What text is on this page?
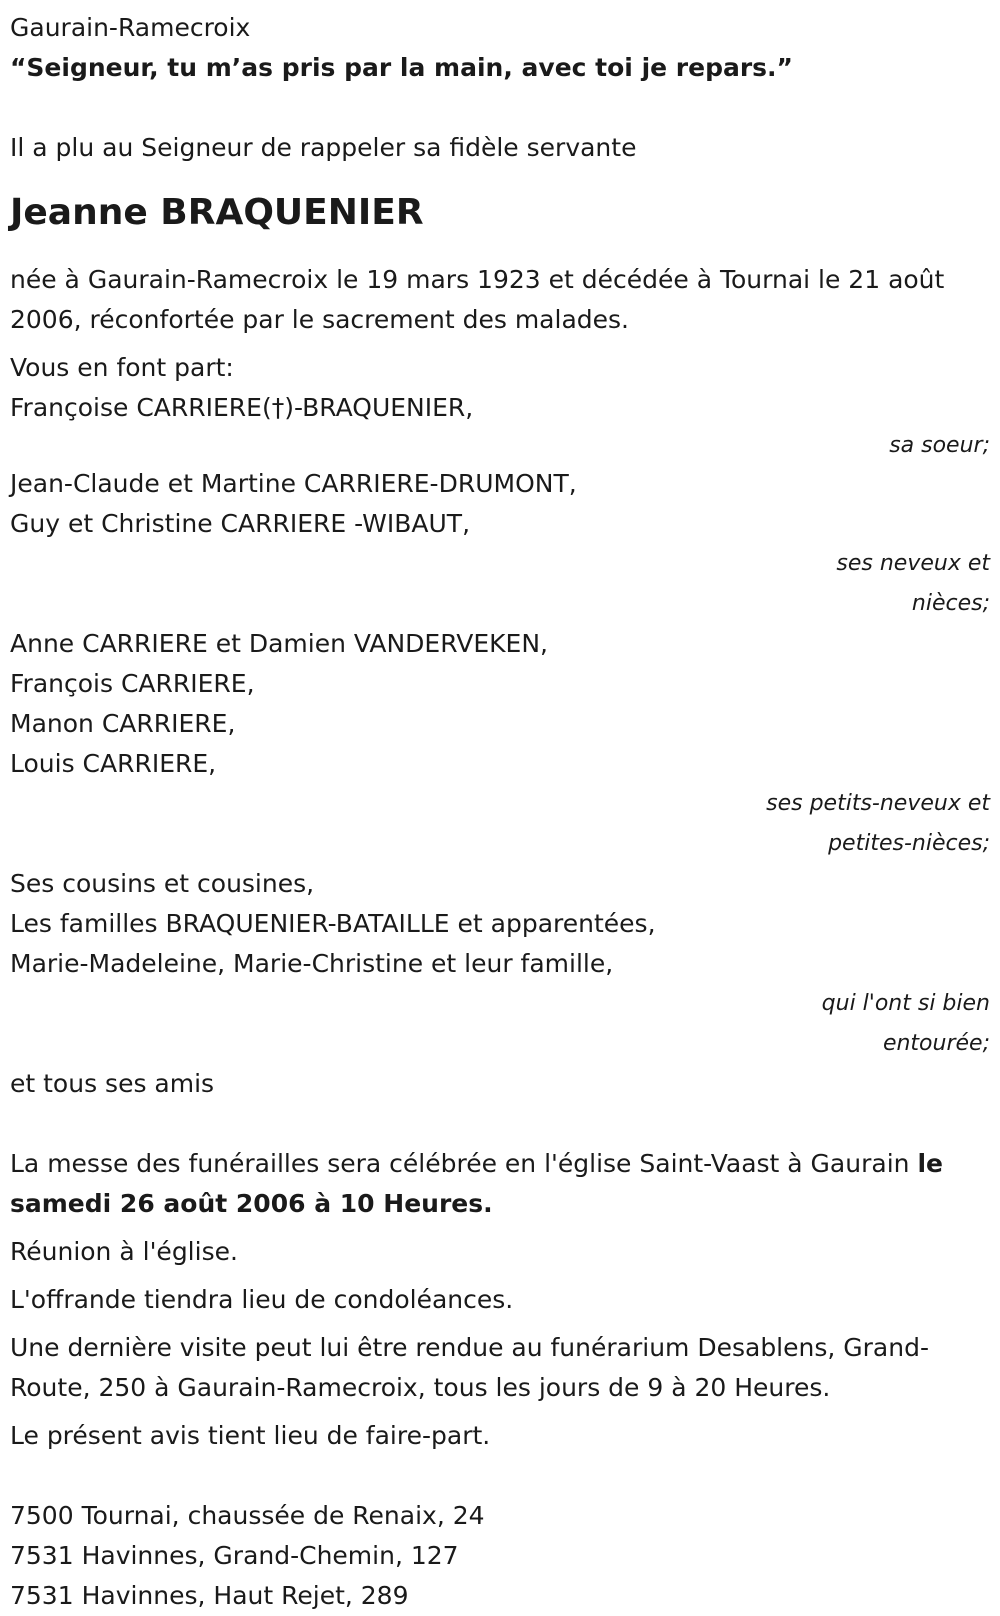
Gaurain-Ramecroix

“Seigneur, tu m’as pris par la main, avec toi je repars.”

Il a plu au Seigneur de rappeler sa fidèle servante

Jeanne BRAQUENIER

née à Gaurain-Ramecroix le 19 mars 1923 et décédée à Tournai le 21 août 2006, réconfortée par le sacrement des malades.

Vous en font part:

Françoise CARRIERE(†)-BRAQUENIER,

sa soeur;

Jean-Claude et Martine CARRIERE-DRUMONT,

Guy et Christine CARRIERE -WIBAUT,

ses neveux et

nièces;

Anne CARRIERE et Damien VANDERVEKEN,

François CARRIERE,

Manon CARRIERE,

Louis CARRIERE,

ses petits-neveux et

petites-nièces;

Ses cousins et cousines,

Les familles BRAQUENIER-BATAILLE et apparentées,

Marie-Madeleine, Marie-Christine et leur famille,

qui l'ont si bien

entourée;

et tous ses amis

La messe des funérailles sera célébrée en l'église Saint-Vaast à Gaurain le samedi 26 août 2006 à 10 Heures.

Réunion à l'église.

L'offrande tiendra lieu de condoléances.

Une dernière visite peut lui être rendue au funérarium Desablens, Grand-Route, 250 à Gaurain-Ramecroix, tous les jours de 9 à 20 Heures.

Le présent avis tient lieu de faire-part.

7500 Tournai, chaussée de Renaix, 24

7531 Havinnes, Grand-Chemin, 127

7531 Havinnes, Haut Rejet, 289
